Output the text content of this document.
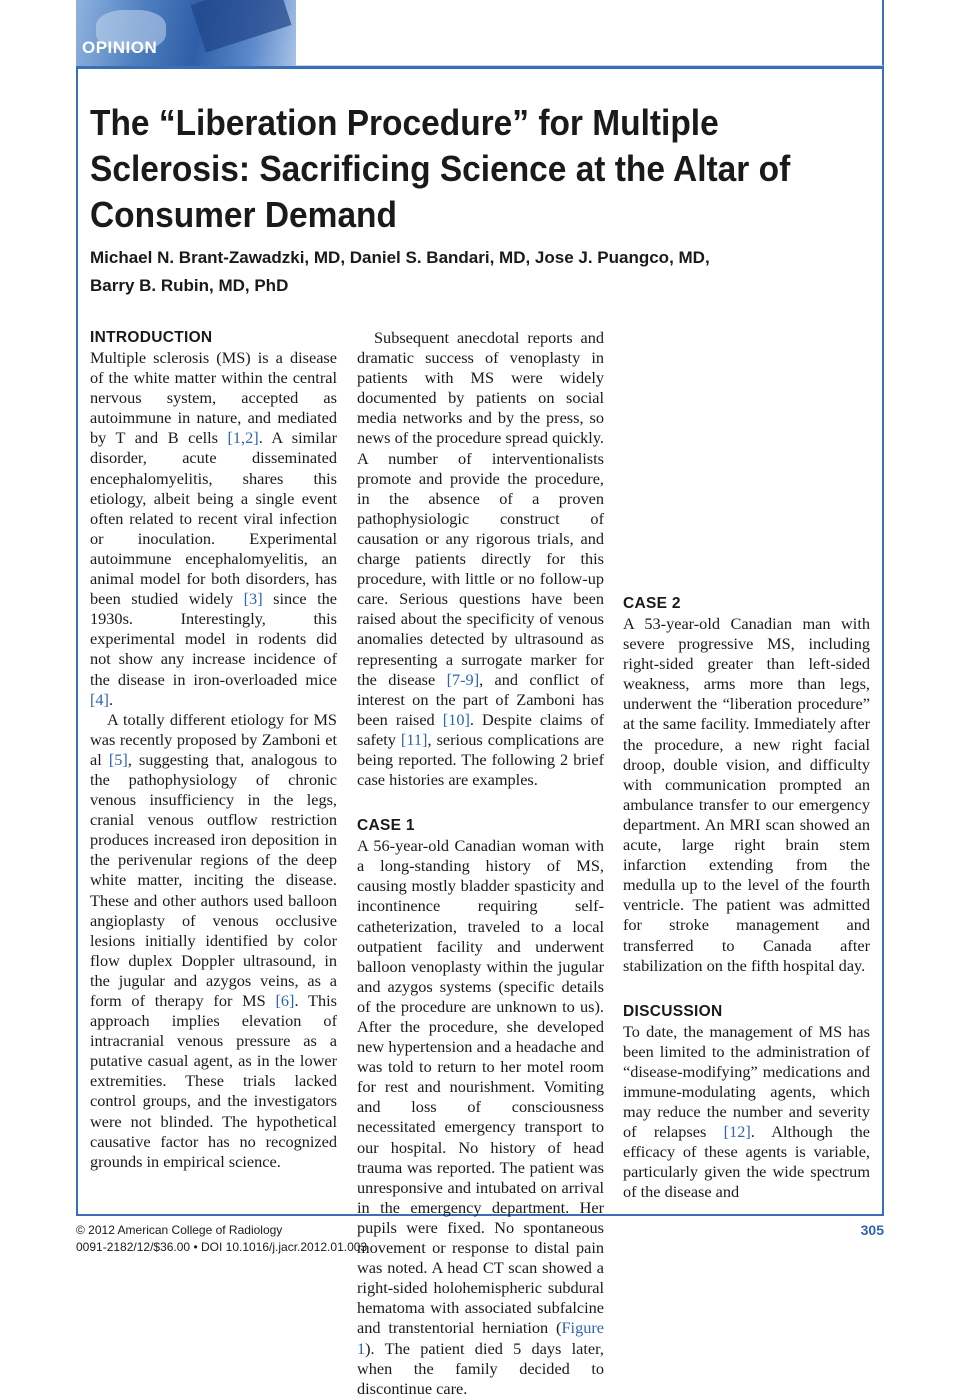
OPINION
The “Liberation Procedure” for Multiple Sclerosis: Sacrificing Science at the Altar of Consumer Demand
Michael N. Brant-Zawadzki, MD, Daniel S. Bandari, MD, Jose J. Puangco, MD,
Barry B. Rubin, MD, PhD
INTRODUCTION

Multiple sclerosis (MS) is a disease of the white matter within the central nervous system, accepted as autoimmune in nature, and mediated by T and B cells [1,2]. A similar disorder, acute disseminated encephalomyelitis, shares this etiology, albeit being a single event often related to recent viral infection or inoculation. Experimental autoimmune encephalomyelitis, an animal model for both disorders, has been studied widely [3] since the 1930s. Interestingly, this experimental model in rodents did not show any increase incidence of the disease in iron-overloaded mice [4].

A totally different etiology for MS was recently proposed by Zamboni et al [5], suggesting that, analogous to the pathophysiology of chronic venous insufficiency in the legs, cranial venous outflow restriction produces increased iron deposition in the perivenular regions of the deep white matter, inciting the disease. These and other authors used balloon angioplasty of venous occlusive lesions initially identified by color flow duplex Doppler ultrasound, in the jugular and azygos veins, as a form of therapy for MS [6]. This approach implies elevation of intracranial venous pressure as a putative casual agent, as in the lower extremities. These trials lacked control groups, and the investigators were not blinded. The hypothetical causative factor has no recognized grounds in empirical science.

Subsequent anecdotal reports and dramatic success of venoplasty in patients with MS were widely documented by patients on social media networks and by the press, so news of the procedure spread quickly. A number of interventionalists promote and provide the procedure, in the absence of a proven pathophysiologic construct of causation or any rigorous trials, and charge patients directly for this procedure, with little or no follow-up care. Serious questions have been raised about the specificity of venous anomalies detected by ultrasound as representing a surrogate marker for the disease [7-9], and conflict of interest on the part of Zamboni has been raised [10]. Despite claims of safety [11], serious complications are being reported. The following 2 brief case histories are examples.

CASE 1

A 56-year-old Canadian woman with a long-standing history of MS, causing mostly bladder spasticity and incontinence requiring self-catheterization, traveled to a local outpatient facility and underwent balloon venoplasty within the jugular and azygos systems (specific details of the procedure are unknown to us). After the procedure, she developed new hypertension and a headache and was told to return to her motel room for rest and nourishment. Vomiting and loss of consciousness necessitated emergency transport to our hospital. No history of head trauma was reported. The patient was unresponsive and intubated on arrival in the emergency department. Her pupils were fixed. No spontaneous movement or response to distal pain was noted. A head CT scan showed a right-sided holohemispheric subdural hematoma with associated subfalcine and transtentorial herniation (Figure 1). The patient died 5 days later, when the family decided to discontinue care.

CASE 2

A 53-year-old Canadian man with severe progressive MS, including right-sided greater than left-sided weakness, arms more than legs, underwent the “liberation procedure” at the same facility. Immediately after the procedure, a new right facial droop, double vision, and difficulty with communication prompted an ambulance transfer to our emergency department. An MRI scan showed an acute, large right brain stem infarction extending from the medulla up to the level of the fourth ventricle. The patient was admitted for stroke management and transferred to Canada after stabilization on the fifth hospital day.

DISCUSSION

To date, the management of MS has been limited to the administration of “disease-modifying” medications and immune-modulating agents, which may reduce the number and severity of relapses [12]. Although the efficacy of these agents is variable, particularly given the wide spectrum of the disease and

© 2012 American College of Radiology
0091-2182/12/$36.00 • DOI 10.1016/j.jacr.2012.01.003
305
